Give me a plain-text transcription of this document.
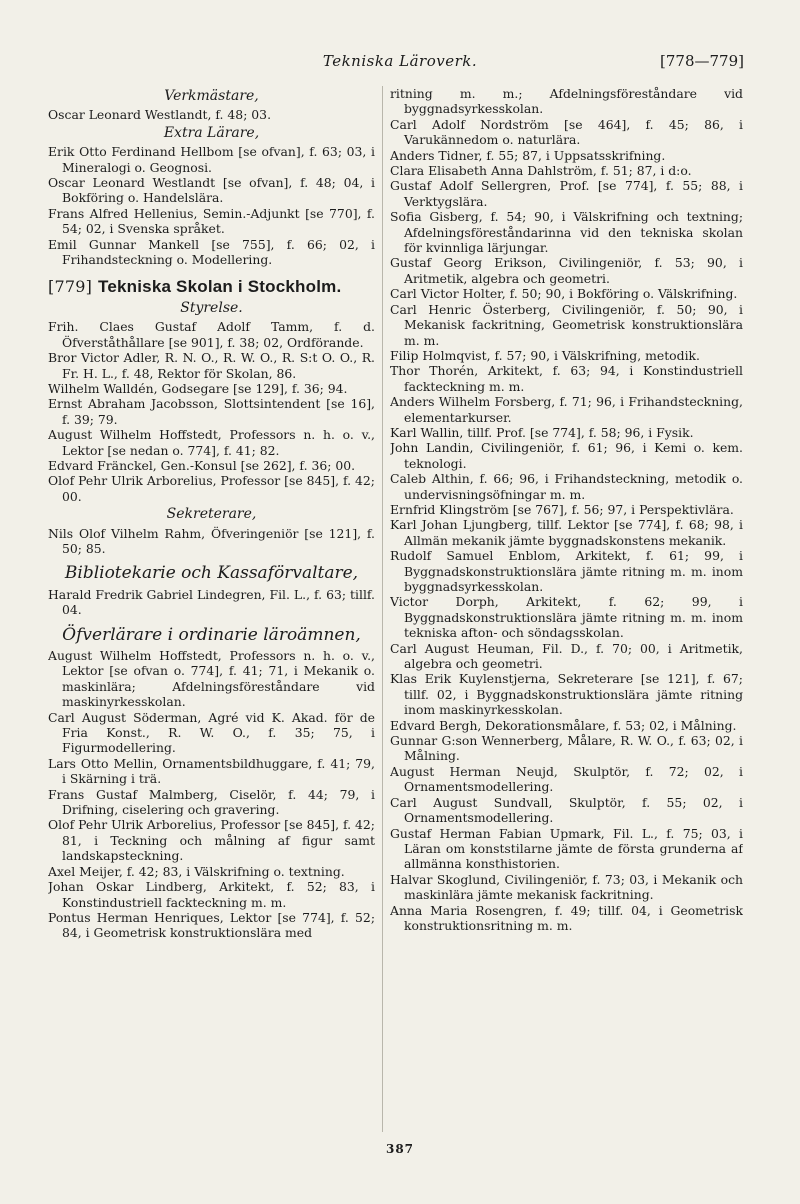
Tekniska Läroverk.	[778—779]

Verkmästare,

Oscar Leonard Westlandt, f. 48; 03.

Extra Lärare,

Erik Otto Ferdinand Hellbom [se ofvan], f. 63; 03, i Mineralogi o. Geognosi.

Oscar Leonard Westlandt [se ofvan], f. 48; 04, i Bokföring o. Handelslära.

Frans Alfred Hellenius, Semin.-Adjunkt [se 770], f. 54; 02, i Svenska språket.

Emil Gunnar Mankell [se 755], f. 66; 02, i Frihandsteckning o. Modellering.

[779] Tekniska Skolan i Stockholm.

Styrelse.

Frih. Claes Gustaf Adolf Tamm, f. d. Öfverståthållare [se 901], f. 38; 02, Ordförande.

Bror Victor Adler, R. N. O., R. W. O., R. S:t O. O., R. Fr. H. L., f. 48, Rektor för Skolan, 86.

Wilhelm Walldén, Godsegare [se 129], f. 36; 94.

Ernst Abraham Jacobsson, Slottsintendent [se 16], f. 39; 79.

August Wilhelm Hoffstedt, Professors n. h. o. v., Lektor [se nedan o. 774], f. 41; 82.

Edvard Fränckel, Gen.-Konsul [se 262], f. 36; 00.

Olof Pehr Ulrik Arborelius, Professor [se 845], f. 42; 00.

Sekreterare,

Nils Olof Vilhelm Rahm, Öfveringeniör [se 121], f. 50; 85.

Bibliotekarie och Kassaförvaltare,

Harald Fredrik Gabriel Lindegren, Fil. L., f. 63; tillf. 04.

Öfverlärare i ordinarie läroämnen,

August Wilhelm Hoffstedt, Professors n. h. o. v., Lektor [se ofvan o. 774], f. 41; 71, i Mekanik o. maskinlära; Afdelningsföreståndare vid maskinyrkesskolan.

Carl August Söderman, Agré vid K. Akad. för de Fria Konst., R. W. O., f. 35; 75, i Figurmodellering.

Lars Otto Mellin, Ornamentsbildhuggare, f. 41; 79, i Skärning i trä.

Frans Gustaf Malmberg, Ciselör, f. 44; 79, i Drifning, ciselering och gravering.

Olof Pehr Ulrik Arborelius, Professor [se 845], f. 42; 81, i Teckning och målning af figur samt landskapsteckning.

Axel Meijer, f. 42; 83, i Välskrifning o. textning.

Johan Oskar Lindberg, Arkitekt, f. 52; 83, i Konstindustriell fackteckning m. m.

Pontus Herman Henriques, Lektor [se 774], f. 52; 84, i Geometrisk konstruktionslära med

ritning m. m.; Afdelningsföreståndare vid byggnadsyrkesskolan.

Carl Adolf Nordström [se 464], f. 45; 86, i Varukännedom o. naturlära.

Anders Tidner, f. 55; 87, i Uppsatsskrifning.

Clara Elisabeth Anna Dahlström, f. 51; 87, i d:o.

Gustaf Adolf Sellergren, Prof. [se 774], f. 55; 88, i Verktygslära.

Sofia Gisberg, f. 54; 90, i Välskrifning och textning; Afdelningsföreståndarinna vid den tekniska skolan för kvinnliga lärjungar.

Gustaf Georg Erikson, Civilingeniör, f. 53; 90, i Aritmetik, algebra och geometri.

Carl Victor Holter, f. 50; 90, i Bokföring o. Välskrifning.

Carl Henric Österberg, Civilingeniör, f. 50; 90, i Mekanisk fackritning, Geometrisk konstruktionslära m. m.

Filip Holmqvist, f. 57; 90, i Välskrifning, metodik.

Thor Thorén, Arkitekt, f. 63; 94, i Konstindustriell fackteckning m. m.

Anders Wilhelm Forsberg, f. 71; 96, i Frihandsteckning, elementarkurser.

Karl Wallin, tillf. Prof. [se 774], f. 58; 96, i Fysik.

John Landin, Civilingeniör, f. 61; 96, i Kemi o. kem. teknologi.

Caleb Althin, f. 66; 96, i Frihandsteckning, metodik o. undervisningsöfningar m. m.

Ernfrid Klingström [se 767], f. 56; 97, i Perspektivlära.

Karl Johan Ljungberg, tillf. Lektor [se 774], f. 68; 98, i Allmän mekanik jämte byggnadskonstens mekanik.

Rudolf Samuel Enblom, Arkitekt, f. 61; 99, i Byggnadskonstruktionslära jämte ritning m. m. inom byggnadsyrkesskolan.

Victor Dorph, Arkitekt, f. 62; 99, i Byggnadskonstruktionslära jämte ritning m. m. inom tekniska afton- och söndagsskolan.

Carl August Heuman, Fil. D., f. 70; 00, i Aritmetik, algebra och geometri.

Klas Erik Kuylenstjerna, Sekreterare [se 121], f. 67; tillf. 02, i Byggnadskonstruktionslära jämte ritning inom maskinyrkesskolan.

Edvard Bergh, Dekorationsmålare, f. 53; 02, i Målning.

Gunnar G:son Wennerberg, Målare, R. W. O., f. 63; 02, i Målning.

August Herman Neujd, Skulptör, f. 72; 02, i Ornamentsmodellering.

Carl August Sundvall, Skulptör, f. 55; 02, i Ornamentsmodellering.

Gustaf Herman Fabian Upmark, Fil. L., f. 75; 03, i Läran om konststilarne jämte de första grunderna af allmänna konsthistorien.

Halvar Skoglund, Civilingeniör, f. 73; 03, i Mekanik och maskinlära jämte mekanisk fackritning.

Anna Maria Rosengren, f. 49; tillf. 04, i Geometrisk konstruktionsritning m. m.

387
